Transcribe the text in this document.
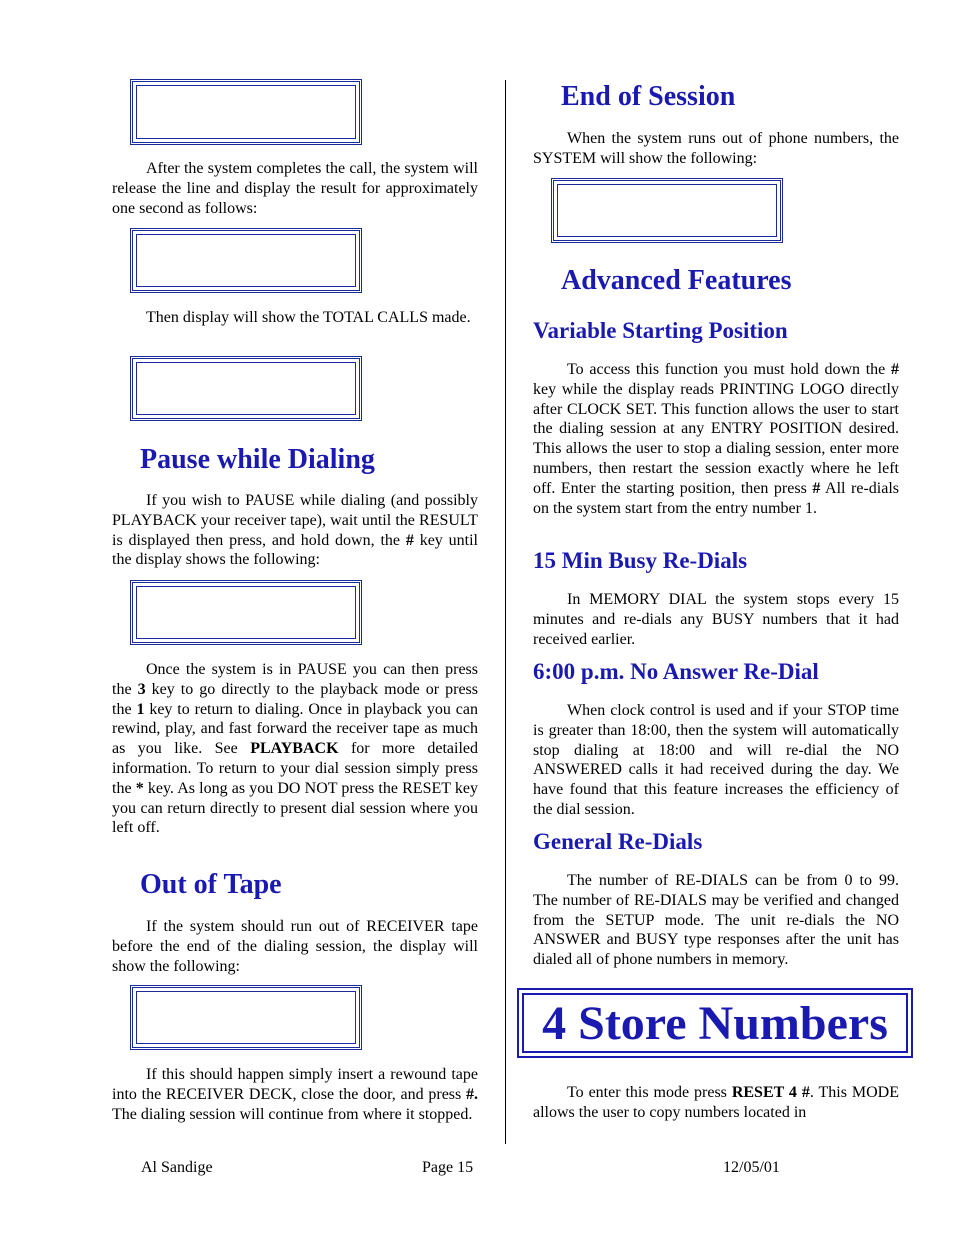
After the system completes the call, the system will release the line and display the result for approximately one second as follows:

Then display will show the TOTAL CALLS made.

Pause while Dialing

If you wish to PAUSE while dialing (and possibly PLAYBACK your receiver tape), wait until the RESULT is displayed then press, and hold down, the # key until the display shows the following:

Once the system is in PAUSE you can then press the 3 key to go directly to the playback mode or press the 1 key to return to dialing. Once in playback you can rewind, play, and fast forward the receiver tape as much as you like. See PLAYBACK for more detailed information. To return to your dial session simply press the * key. As long as you DO NOT press the RESET key you can return directly to present dial session where you left off.

Out of Tape

If the system should run out of RECEIVER tape before the end of the dialing session, the display will show the following:

If this should happen simply insert a rewound tape into the RECEIVER DECK, close the door, and press #. The dialing session will continue from where it stopped.

End of Session

When the system runs out of phone numbers, the SYSTEM will show the following:

Advanced Features
Variable Starting Position

To access this function you must hold down the # key while the display reads PRINTING LOGO directly after CLOCK SET. This function allows the user to start the dialing session at any ENTRY POSITION desired. This allows the user to stop a dialing session, enter more numbers, then restart the session exactly where he left off. Enter the starting position, then press # All re-dials on the system start from the entry number 1.

15 Min Busy Re-Dials

In MEMORY DIAL the system stops every 15 minutes and re-dials any BUSY numbers that it had received earlier.

6:00 p.m. No Answer Re-Dial

When clock control is used and if your STOP time is greater than 18:00, then the system will automatically stop dialing at 18:00 and will re-dial the NO ANSWERED calls it had received during the day. We have found that this feature increases the efficiency of the dial session.

General Re-Dials

The number of RE-DIALS can be from 0 to 99. The number of RE-DIALS may be verified and changed from the SETUP mode. The unit re-dials the NO ANSWER and BUSY type responses after the unit has dialed all of phone numbers in memory.

4 Store Numbers

To enter this mode press RESET 4 #. This MODE allows the user to copy numbers located in

Al Sandige	Page 15	12/05/01
